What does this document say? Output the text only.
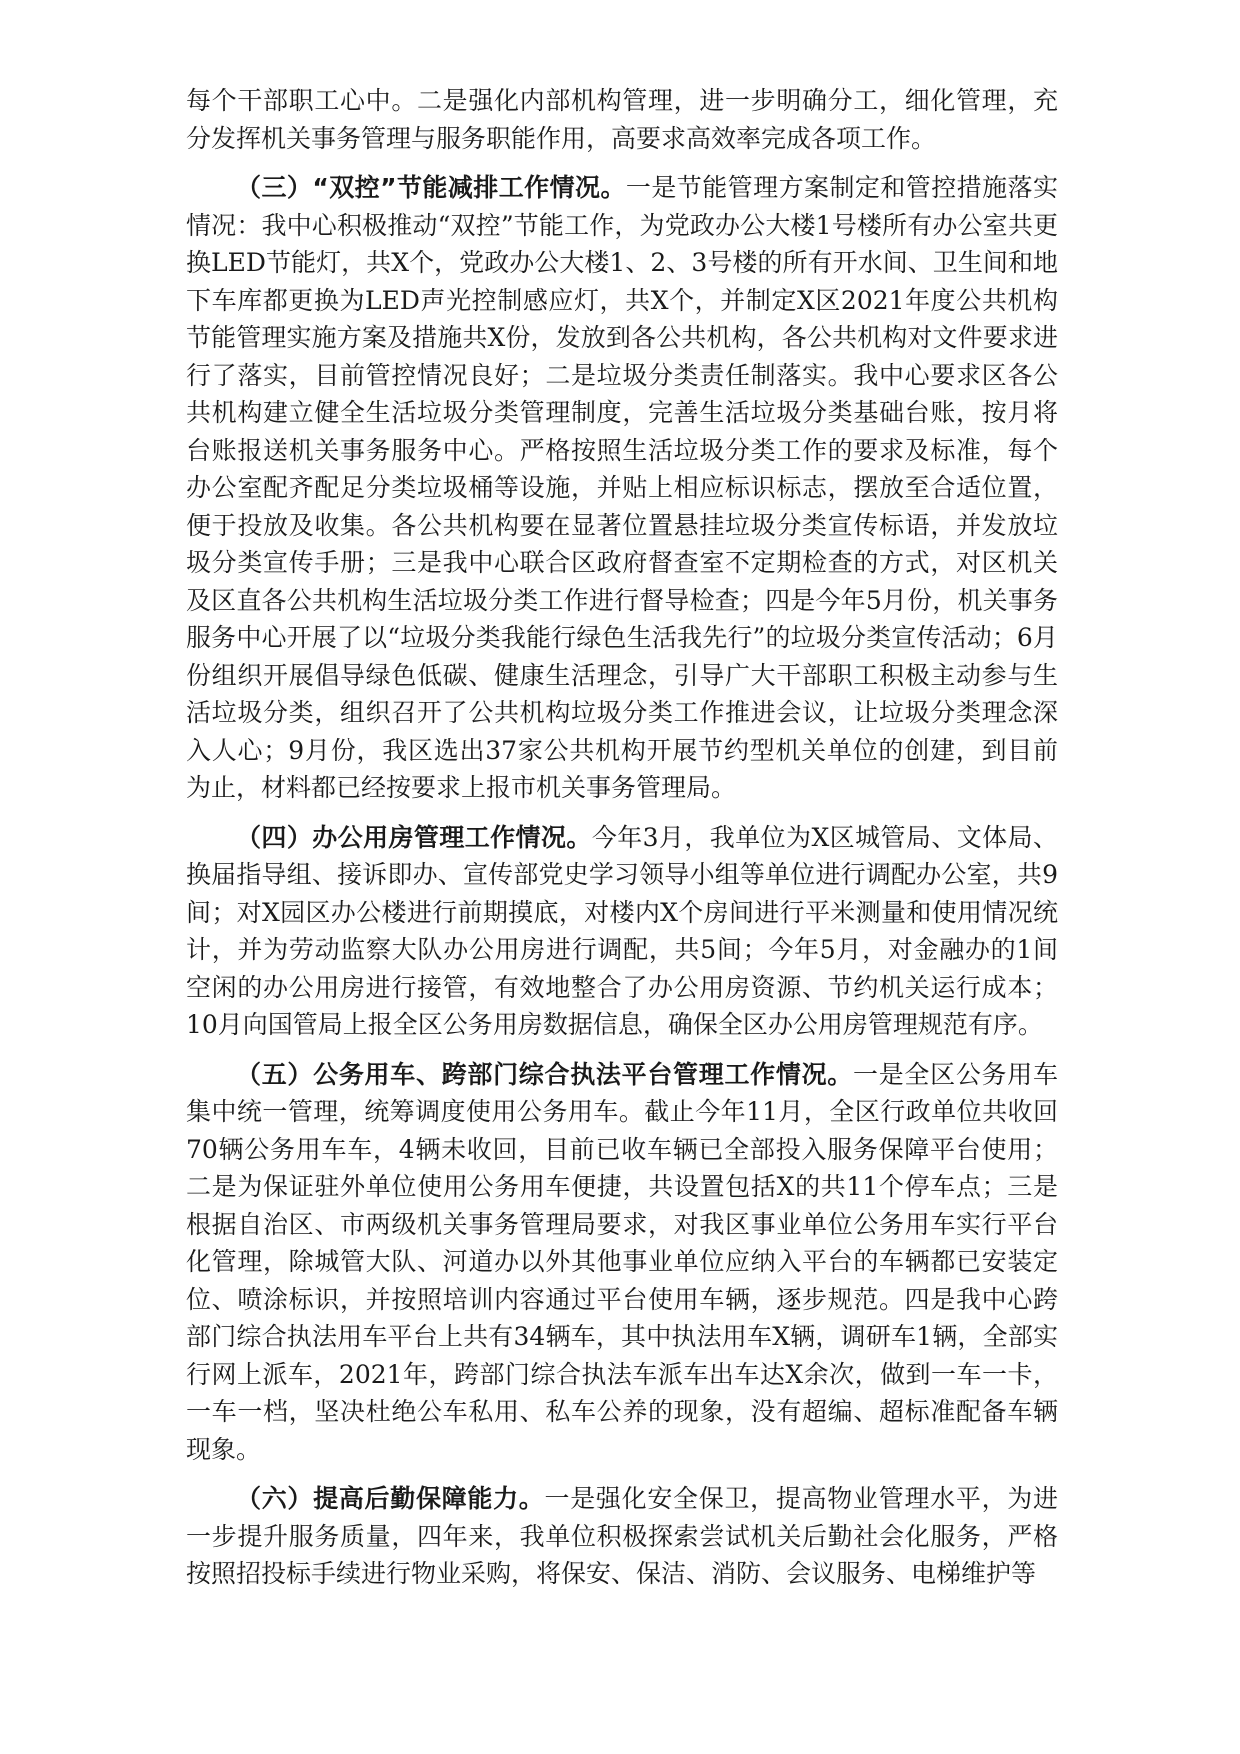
每个干部职工心中。二是强化内部机构管理，进一步明确分工，细化管理，充分发挥机关事务管理与服务职能作用，高要求高效率完成各项工作。

（三）“双控”节能减排工作情况。一是节能管理方案制定和管控措施落实情况：我中心积极推动“双控”节能工作，为党政办公大楼1号楼所有办公室共更换LED节能灯，共X个，党政办公大楼1、2、3号楼的所有开水间、卫生间和地下车库都更换为LED声光控制感应灯，共X个，并制定X区2021年度公共机构节能管理实施方案及措施共X份，发放到各公共机构，各公共机构对文件要求进行了落实，目前管控情况良好；二是垃圾分类责任制落实。我中心要求区各公共机构建立健全生活垃圾分类管理制度，完善生活垃圾分类基础台账，按月将台账报送机关事务服务中心。严格按照生活垃圾分类工作的要求及标准，每个办公室配齐配足分类垃圾桶等设施，并贴上相应标识标志，摆放至合适位置，便于投放及收集。各公共机构要在显著位置悬挂垃圾分类宣传标语，并发放垃圾分类宣传手册；三是我中心联合区政府督查室不定期检查的方式，对区机关及区直各公共机构生活垃圾分类工作进行督导检查；四是今年5月份，机关事务服务中心开展了以“垃圾分类我能行绿色生活我先行”的垃圾分类宣传活动；6月份组织开展倡导绿色低碳、健康生活理念，引导广大干部职工积极主动参与生活垃圾分类，组织召开了公共机构垃圾分类工作推进会议，让垃圾分类理念深入人心；9月份，我区选出37家公共机构开展节约型机关单位的创建，到目前为止，材料都已经按要求上报市机关事务管理局。

（四）办公用房管理工作情况。今年3月，我单位为X区城管局、文体局、换届指导组、接诉即办、宣传部党史学习领导小组等单位进行调配办公室，共9间；对X园区办公楼进行前期摸底，对楼内X个房间进行平米测量和使用情况统计，并为劳动监察大队办公用房进行调配，共5间；今年5月，对金融办的1间空闲的办公用房进行接管，有效地整合了办公用房资源、节约机关运行成本；10月向国管局上报全区公务用房数据信息，确保全区办公用房管理规范有序。

（五）公务用车、跨部门综合执法平台管理工作情况。一是全区公务用车集中统一管理，统筹调度使用公务用车。截止今年11月，全区行政单位共收回70辆公务用车车，4辆未收回，目前已收车辆已全部投入服务保障平台使用；二是为保证驻外单位使用公务用车便捷，共设置包括X的共11个停车点；三是根据自治区、市两级机关事务管理局要求，对我区事业单位公务用车实行平台化管理，除城管大队、河道办以外其他事业单位应纳入平台的车辆都已安装定位、喷涂标识，并按照培训内容通过平台使用车辆，逐步规范。四是我中心跨部门综合执法用车平台上共有34辆车，其中执法用车X辆，调研车1辆，全部实行网上派车，2021年，跨部门综合执法车派车出车达X余次，做到一车一卡，一车一档，坚决杜绝公车私用、私车公养的现象，没有超编、超标准配备车辆现象。

（六）提高后勤保障能力。一是强化安全保卫，提高物业管理水平，为进一步提升服务质量，四年来，我单位积极探索尝试机关后勤社会化服务，严格按照招投标手续进行物业采购，将保安、保洁、消防、会议服务、电梯维护等
